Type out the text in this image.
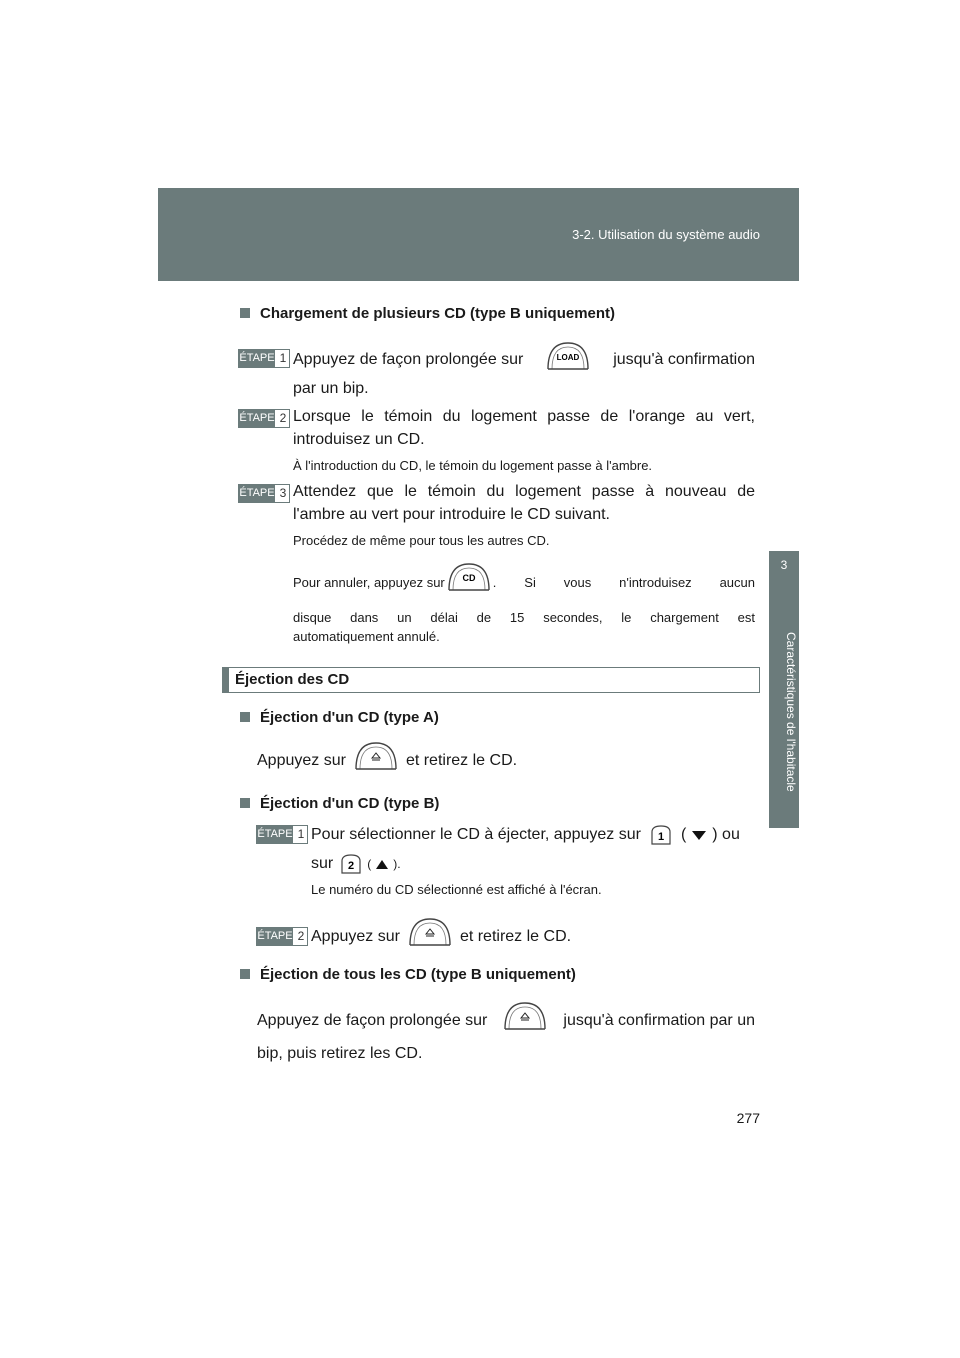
3-2. Utilisation du système audio
3
Caractéristiques de l'habitacle
Chargement de plusieurs CD (type B uniquement)
ÉTAPE 1 Appuyez de façon prolongée sur	LOAD jusqu'à confirmation
par un bip.
ÉTAPE 2 Lorsque le témoin du logement passe de l'orange au vert,
introduisez un CD.
À l'introduction du CD, le témoin du logement passe à l'ambre.
ÉTAPE 3 Attendez que le témoin du logement passe à nouveau de
l'ambre au vert pour introduire le CD suivant.
Procédez de même pour tous les autres CD.
Pour annuler, appuyez sur CD . Si vous n'introduisez aucun
disque dans un délai de 15 secondes, le chargement est
automatiquement annulé.
Éjection des CD
Éjection d'un CD (type A)
Appuyez sur	et retirez le CD.
Éjection d'un CD (type B)
ÉTAPE 1 Pour sélectionner le CD à éjecter, appuyez sur 1 ( ) ou
sur 2 ( ).
Le numéro du CD sélectionné est affiché à l'écran.
ÉTAPE 2 Appuyez sur	et retirez le CD.
Éjection de tous les CD (type B uniquement)
Appuyez de façon prolongée sur	jusqu'à confirmation par un
bip, puis retirez les CD.
277
